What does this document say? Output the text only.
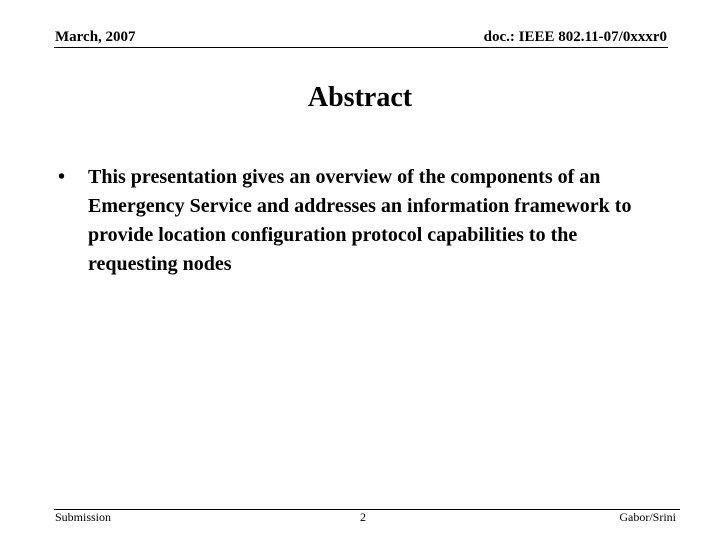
March, 2007	doc.: IEEE 802.11-07/0xxxr0
Abstract
• This presentation gives an overview of the components of an Emergency Service and addresses an information framework to provide location configuration protocol capabilities to the requesting nodes
Submission	2	Gabor/Srini
